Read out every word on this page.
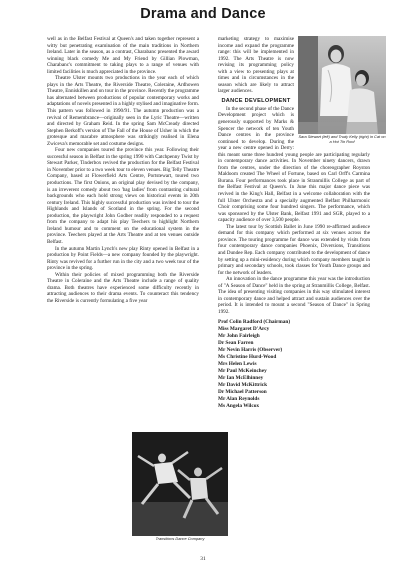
Drama and Dance

well as in the Belfast Festival at Queen's and taken together represent a witty but penetrating examination of the main traditions in Northern Ireland. Later in the season, as a contrast, Charabanc presented the award winning black comedy Me and My Friend by Gillian Plowman, Charabanc's commitment to taking plays to a range of venues with limited facilities is much appreciated in the province.

Theatre Ulster mounts two productions in the year each of which plays in the Arts Theatre, the Riverside Theatre, Coleraine, Ardhowen Theatre, Enniskillen and on tour in the province. Recently the programme has alternated between productions of popular contemporary works and adaptations of novels presented in a highly stylised and imaginative form. This pattern was followed in 1990/91. The autumn production was a revival of Remembrance—originally seen in the Lyric Theatre—written and directed by Graham Reid. In the spring Sam McCready directed Stephen Berkoff's version of The Fall of the House of Usher in which the grotesque and macabre atmosphere was strikingly realised in Elena Zwiceva's memorable set and costume designs.

Four new companies toured the province this year. Following their successful season in Belfast in the spring 1990 with Catchpenny Twist by Stewart Parker, Tinderbox revived the production for the Belfast Festival in November prior to a two week tour to eleven venues. Big Telly Theatre Company, based at Flowerfield Arts Centre, Portstewart, toured two productions. The first Onions, an original play devised by the company, is an irreverent comedy about two 'bag ladies' from contrasting cultural backgrounds who each hold strong views on historical events in 20th century Ireland. This highly successful production was invited to tour the Highlands and Islands of Scotland in the spring. For the second production, the playwright John Godber readily responded to a request from the company to adapt his play Teechers to highlight Northern Ireland humour and to comment on the educational system in the province. Teechers played at the Arts Theatre and at ten venues outside Belfast.

In the autumn Martin Lynch's new play Rinty opened in Belfast in a production by Point Fields—a new company founded by the playwright. Rinty was revived for a further run in the city and a two week tour of the province in the spring.

Within their policies of mixed programming both the Riverside Theatre in Coleraine and the Arts Theatre include a range of quality drama. Both theatres have experienced some difficulty recently in attracting audiences to their drama events. To counteract this tendency the Riverside is currently formulating a five year

Sara Stewart (left) and Trudy Kelly (right) in Cat on a Hot Tin Roof

marketing strategy to maximise income and expand the programme range: this will be implemented in 1992. The Arts Theatre is now revising its programming policy with a view to presenting plays at times and in circumstances in the season which are likely to attract larger audiences.

DANCE DEVELOPMENT

In the second phase of the Dance Development project which is generously supported by Marks & Spencer the network of ten Youth Dance centres in the province continued to develop. During the year a new centre opened in Derry: this meant some three hundred young people are participating regularly in contemporary dance activities. In November ninety dancers, drawn from the centres, under the direction of the choreographer Royston Maldoom created The Wheel of Fortune, based on Carl Orff's Carmina Burana. Four performances took place in Stranmillis College as part of the Belfast Festival at Queen's. In June this major dance piece was revived in the King's Hall, Belfast in a welcome collaboration with the full Ulster Orchestra and a specially augmented Belfast Philharmonic Choir comprising some four hundred singers. The performance, which was sponsored by the Ulster Bank, Belfast 1991 and SGR, played to a capacity audience of over 3,500 people.

The latest tour by Scottish Ballet in June 1990 re-affirmed audience demand for this company which performed at six venues across the province. The touring programme for dance was extended by visits from four contemporary dance companies Phoenix, Diversions, Transitions and Dundee Rep. Each company contributed to the development of dance by setting up a mini-residency during which company members taught in primary and secondary schools, took classes for Youth Dance groups and for the network of leaders.

An innovation in the dance programme this year was the introduction of "A Season of Dance" held in the spring at Stranmillis College, Belfast. The idea of presenting visiting companies in this way stimulated interest in contemporary dance and helped attract and sustain audiences over the period. It is intended to mount a second "Season of Dance" in Spring 1992.

Prof Colin Radford (Chairman)
Miss Margaret D'Arcy
Mr John Fairleigh
Dr Sean Farren
Mr Nevin Harris (Observer)
Ms Christine Hurd-Wood
Mrs Helen Lewis
Mr Paul McKeinchey
Mr Ian McElhinney
Mr David McKittrick
Dr Michael Patterson
Mr Alan Reynolds
Ms Angela Wilcox
Transitions Dance Company
31
